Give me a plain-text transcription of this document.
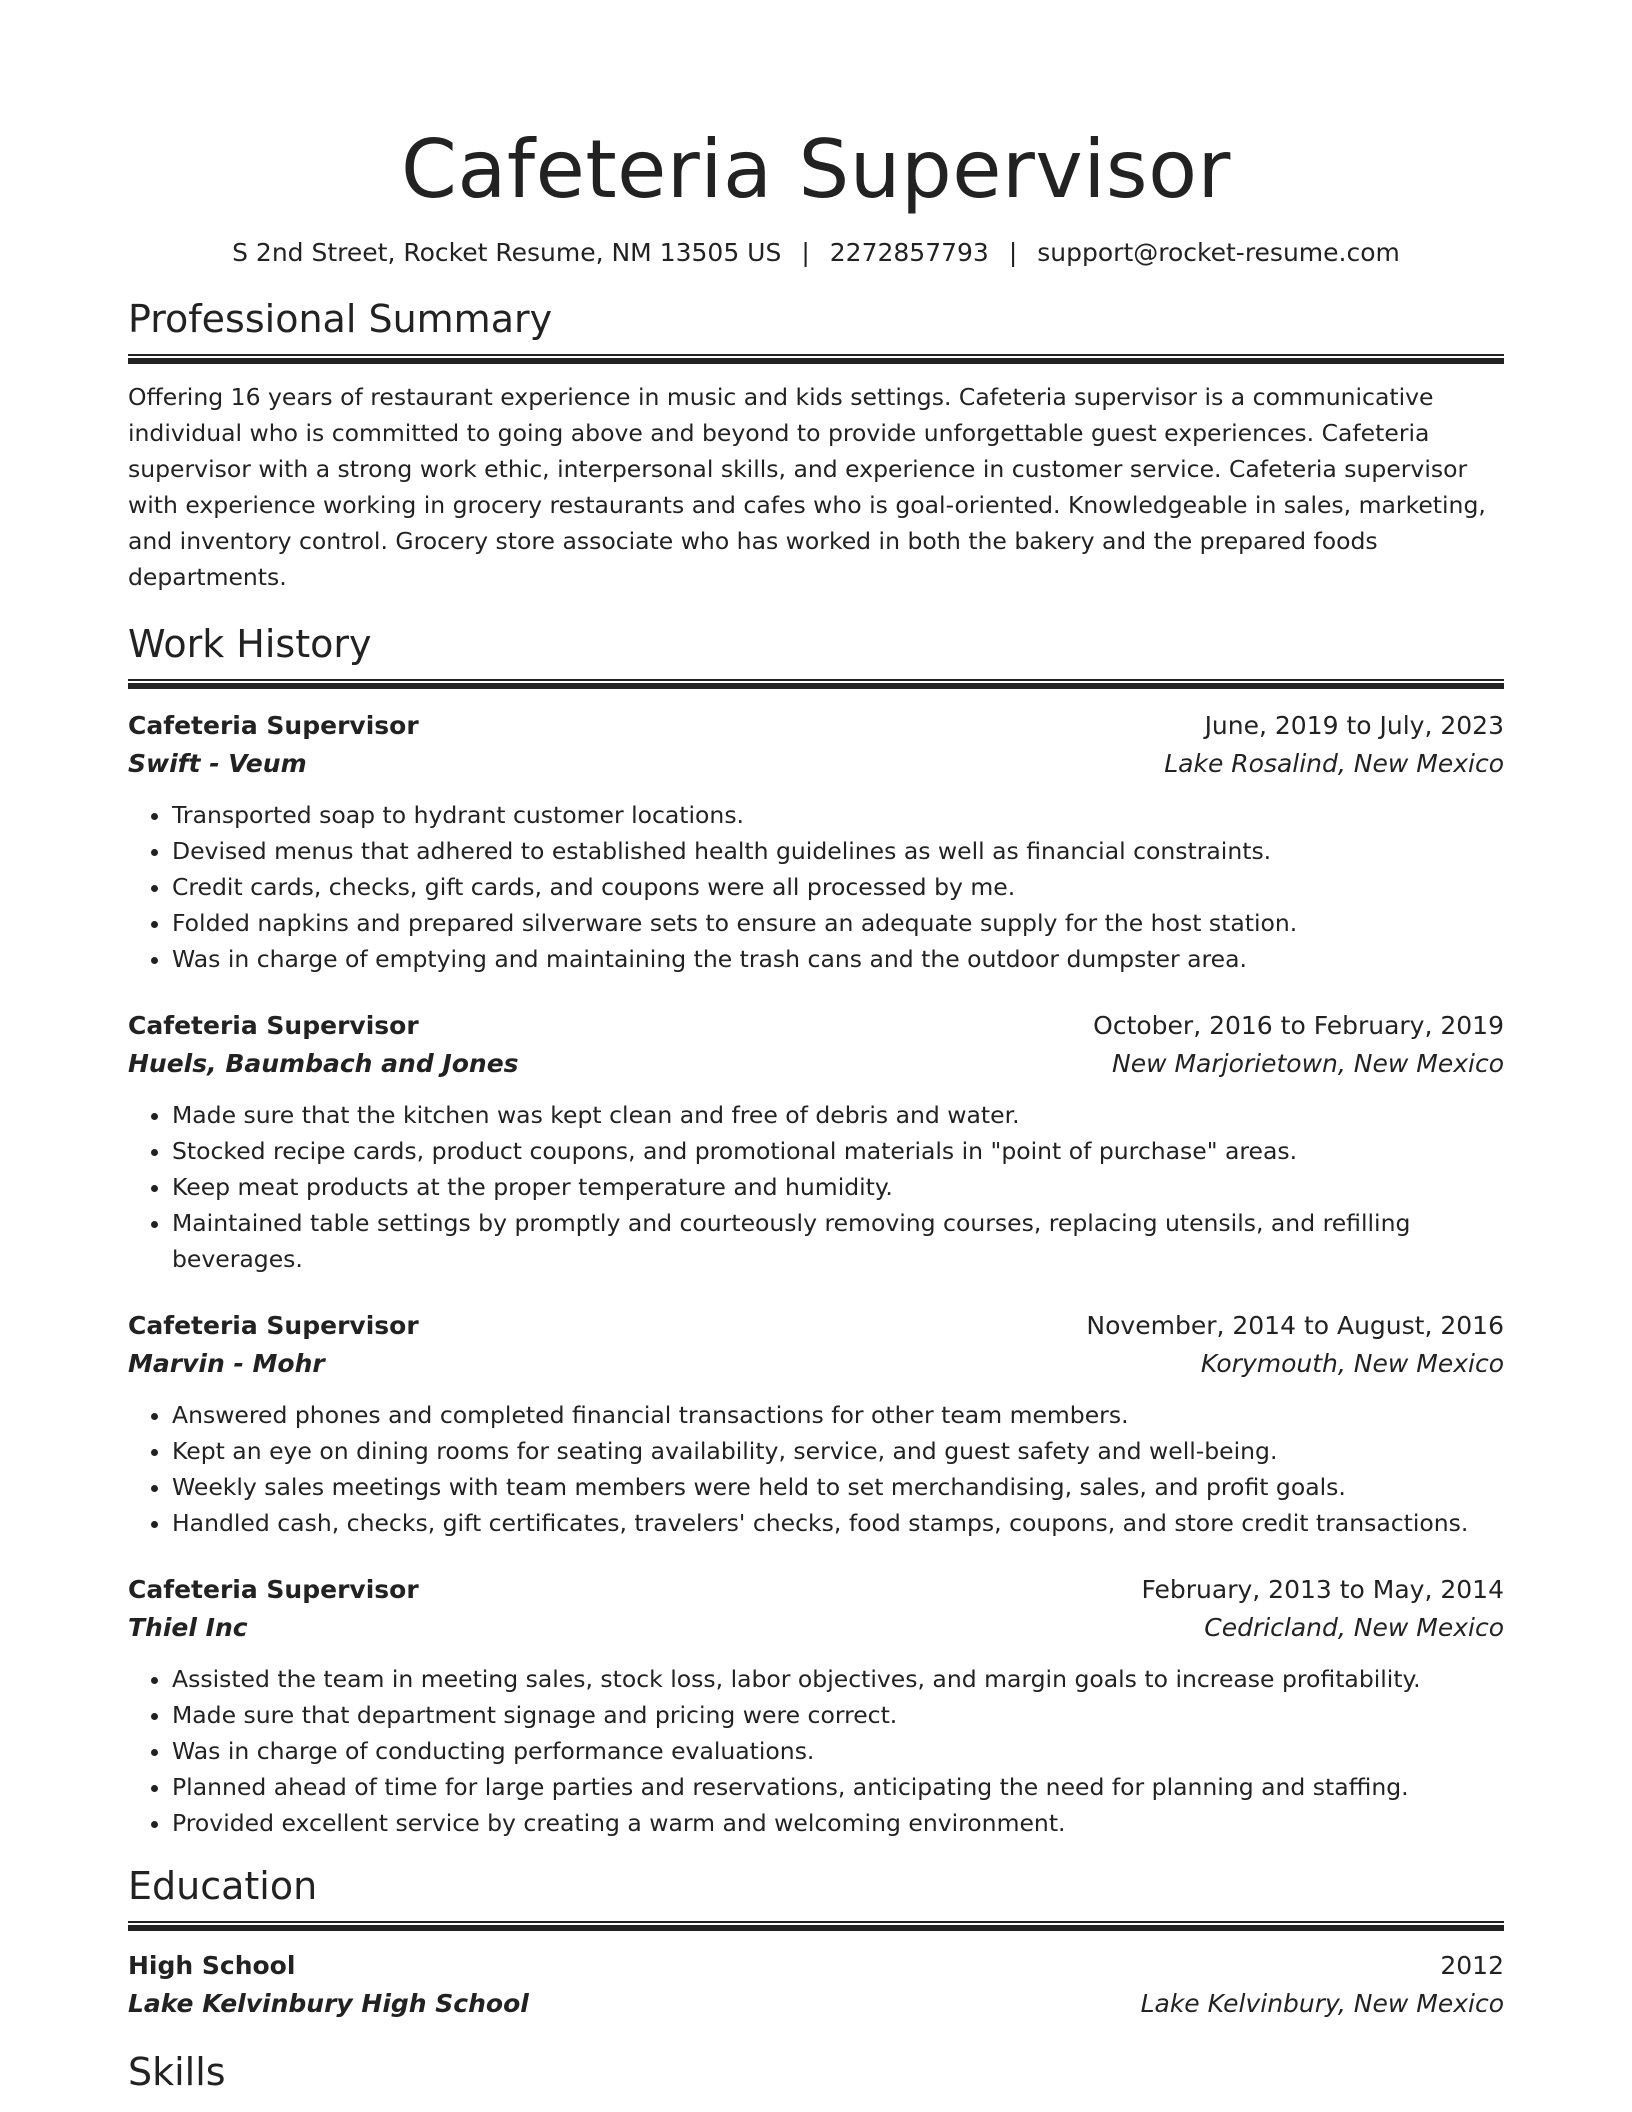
Cafeteria Supervisor
S 2nd Street, Rocket Resume, NM 13505 US | 2272857793 | support@rocket-resume.com
Professional Summary

Offering 16 years of restaurant experience in music and kids settings. Cafeteria supervisor is a communicative individual who is committed to going above and beyond to provide unforgettable guest experiences. Cafeteria supervisor with a strong work ethic, interpersonal skills, and experience in customer service. Cafeteria supervisor with experience working in grocery restaurants and cafes who is goal-oriented. Knowledgeable in sales, marketing, and inventory control. Grocery store associate who has worked in both the bakery and the prepared foods departments.

Work History
Cafeteria Supervisor	June, 2019 to July, 2023
Swift - Veum	Lake Rosalind, New Mexico
• Transported soap to hydrant customer locations.
• Devised menus that adhered to established health guidelines as well as financial constraints.
• Credit cards, checks, gift cards, and coupons were all processed by me.
• Folded napkins and prepared silverware sets to ensure an adequate supply for the host station.
• Was in charge of emptying and maintaining the trash cans and the outdoor dumpster area.
Cafeteria Supervisor	October, 2016 to February, 2019
Huels, Baumbach and Jones	New Marjorietown, New Mexico
• Made sure that the kitchen was kept clean and free of debris and water.
• Stocked recipe cards, product coupons, and promotional materials in "point of purchase" areas.
• Keep meat products at the proper temperature and humidity.
• Maintained table settings by promptly and courteously removing courses, replacing utensils, and refilling beverages.
Cafeteria Supervisor	November, 2014 to August, 2016
Marvin - Mohr	Korymouth, New Mexico
• Answered phones and completed financial transactions for other team members.
• Kept an eye on dining rooms for seating availability, service, and guest safety and well-being.
• Weekly sales meetings with team members were held to set merchandising, sales, and profit goals.
• Handled cash, checks, gift certificates, travelers' checks, food stamps, coupons, and store credit transactions.
Cafeteria Supervisor	February, 2013 to May, 2014
Thiel Inc	Cedricland, New Mexico
• Assisted the team in meeting sales, stock loss, labor objectives, and margin goals to increase profitability.
• Made sure that department signage and pricing were correct.
• Was in charge of conducting performance evaluations.
• Planned ahead of time for large parties and reservations, anticipating the need for planning and staffing.
• Provided excellent service by creating a warm and welcoming environment.
Education
High School	2012
Lake Kelvinbury High School	Lake Kelvinbury, New Mexico
Skills
